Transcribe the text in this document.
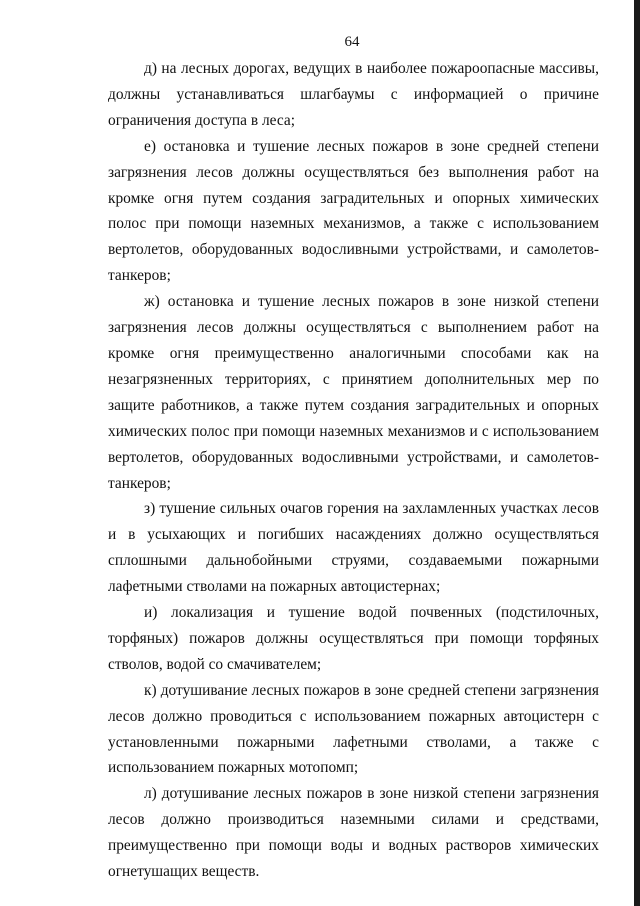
64

д) на лесных дорогах, ведущих в наиболее пожароопасные массивы, должны устанавливаться шлагбаумы с информацией о причине ограничения доступа в леса;

е) остановка и тушение лесных пожаров в зоне средней степени загрязнения лесов должны осуществляться без выполнения работ на кромке огня путем создания заградительных и опорных химических полос при помощи наземных механизмов, а также с использованием вертолетов, оборудованных водосливными устройствами, и самолетов-танкеров;

ж) остановка и тушение лесных пожаров в зоне низкой степени загрязнения лесов должны осуществляться с выполнением работ на кромке огня преимущественно аналогичными способами как на незагрязненных территориях, с принятием дополнительных мер по защите работников, а также путем создания заградительных и опорных химических полос при помощи наземных механизмов и с использованием вертолетов, оборудованных водосливными устройствами, и самолетов-танкеров;

з) тушение сильных очагов горения на захламленных участках лесов и в усыхающих и погибших насаждениях должно осуществляться сплошными дальнобойными струями, создаваемыми пожарными лафетными стволами на пожарных автоцистернах;

и) локализация и тушение водой почвенных (подстилочных, торфяных) пожаров должны осуществляться при помощи торфяных стволов, водой со смачивателем;

к) дотушивание лесных пожаров в зоне средней степени загрязнения лесов должно проводиться с использованием пожарных автоцистерн с установленными пожарными лафетными стволами, а также с использованием пожарных мотопомп;

л) дотушивание лесных пожаров в зоне низкой степени загрязнения лесов должно производиться наземными силами и средствами, преимущественно при помощи воды и водных растворов химических огнетушащих веществ.
